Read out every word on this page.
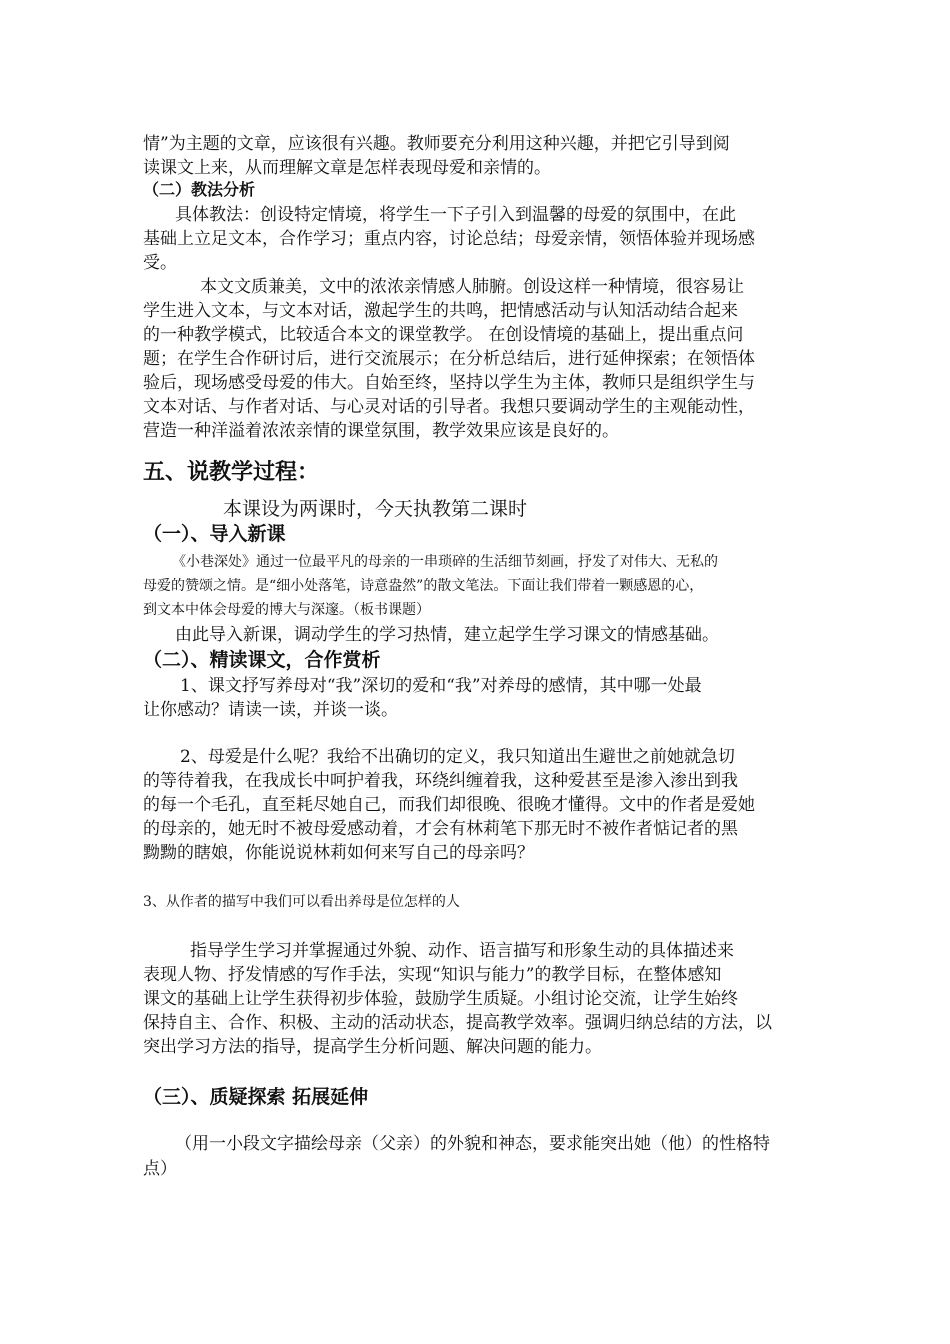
情”为主题的文章，应该很有兴趣。教师要充分利用这种兴趣，并把它引导到阅
读课文上来，从而理解文章是怎样表现母爱和亲情的。
（二）教法分析
具体教法：创设特定情境，将学生一下子引入到温馨的母爱的氛围中，在此
基础上立足文本，合作学习；重点内容，讨论总结；母爱亲情，领悟体验并现场感
受。
本文文质兼美，文中的浓浓亲情感人肺腑。创设这样一种情境，很容易让
学生进入文本，与文本对话，激起学生的共鸣，把情感活动与认知活动结合起来
的一种教学模式，比较适合本文的课堂教学。 在创设情境的基础上，提出重点问
题；在学生合作研讨后，进行交流展示；在分析总结后，进行延伸探索；在领悟体
验后，现场感受母爱的伟大。自始至终，坚持以学生为主体，教师只是组织学生与
文本对话、与作者对话、与心灵对话的引导者。我想只要调动学生的主观能动性，
营造一种洋溢着浓浓亲情的课堂氛围，教学效果应该是良好的。
五、说教学过程：
本课设为两课时，今天执教第二课时
（一）、导入新课
《小巷深处》通过一位最平凡的母亲的一串琐碎的生活细节刻画，抒发了对伟大、无私的
母爱的赞颂之情。是“细小处落笔，诗意盎然”的散文笔法。下面让我们带着一颗感恩的心，
到文本中体会母爱的博大与深邃。（板书课题）
由此导入新课，调动学生的学习热情，建立起学生学习课文的情感基础。
（二）、精读课文，合作赏析
1、课文抒写养母对“我”深切的爱和“我”对养母的感情，其中哪一处最
让你感动？请读一读，并谈一谈。
2、母爱是什么呢？我给不出确切的定义，我只知道出生避世之前她就急切
的等待着我，在我成长中呵护着我，环绕纠缠着我，这种爱甚至是渗入渗出到我
的每一个毛孔，直至耗尽她自己，而我们却很晚、很晚才懂得。文中的作者是爱她
的母亲的，她无时不被母爱感动着，才会有林莉笔下那无时不被作者惦记者的黑
黝黝的瞎娘，你能说说林莉如何来写自己的母亲吗？
3、从作者的描写中我们可以看出养母是位怎样的人
指导学生学习并掌握通过外貌、动作、语言描写和形象生动的具体描述来
表现人物、抒发情感的写作手法，实现“知识与能力”的教学目标，在整体感知
课文的基础上让学生获得初步体验，鼓励学生质疑。小组讨论交流，让学生始终
保持自主、合作、积极、主动的活动状态，提高教学效率。强调归纳总结的方法，以
突出学习方法的指导，提高学生分析问题、解决问题的能力。
（三）、质疑探索 拓展延伸
（用一小段文字描绘母亲（父亲）的外貌和神态，要求能突出她（他）的性格特
点）
